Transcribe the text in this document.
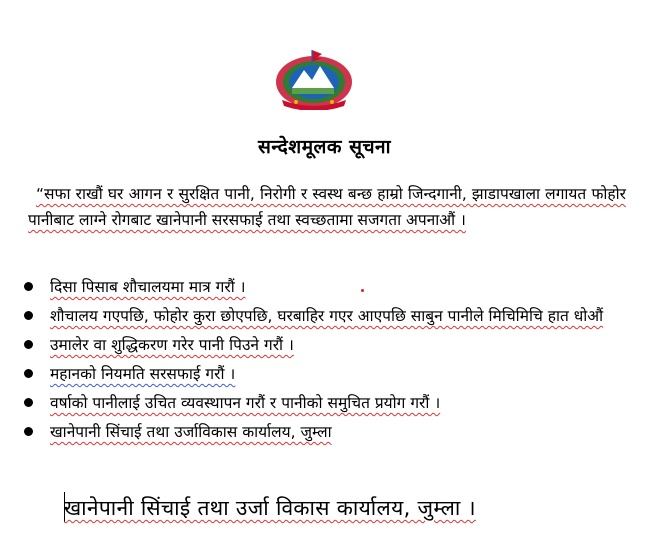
सन्देशमूलक सूचना
“सफा राखौं घर आगन र सुरक्षित पानी, निरोगी र स्वस्थ बन्छ हाम्रो जिन्दगानी, झाडापखाला लगायत फोहोर पानीबाट लाग्ने रोगबाट खानेपानी सरसफाई तथा स्वच्छतामा सजगता अपनाऔं ।
दिसा पिसाब शौचालयमा मात्र गरौं ।
शौचालय गएपछि, फोहोर कुरा छोएपछि, घरबाहिर गएर आएपछि साबुन पानीले मिचिमिचि हात धोऔं
उमालेर वा शुद्धिकरण गरेर पानी पिउने गरौं ।
महानको नियमति सरसफाई गरौं ।
वर्षाको पानीलाई उचित व्यवस्थापन गरौं र पानीको समुचित प्रयोग गरौं ।
खानेपानी सिंचाई तथा उर्जाविकास कार्यालय, जुम्ला
खानेपानी सिंचाई तथा उर्जा विकास कार्यालय, जुम्ला ।
